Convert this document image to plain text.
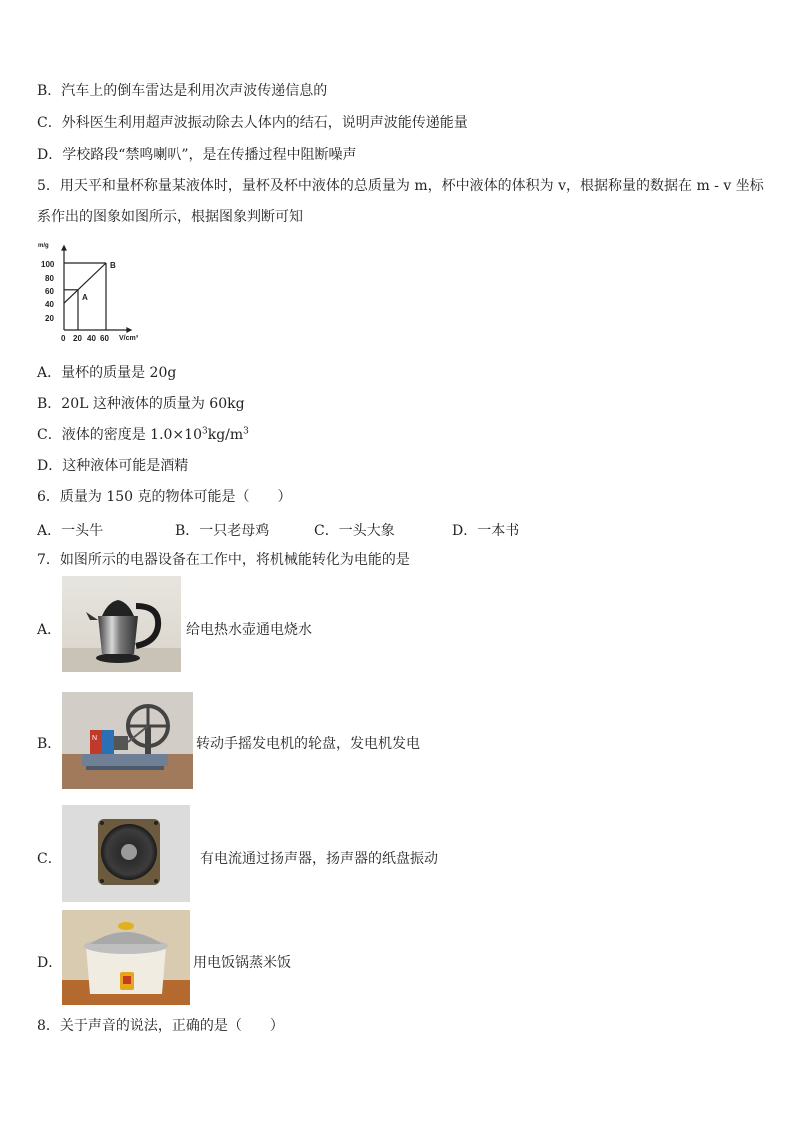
B．汽车上的倒车雷达是利用次声波传递信息的
C．外科医生利用超声波振动除去人体内的结石，说明声波能传递能量
D．学校路段“禁鸣喇叭”，是在传播过程中阻断噪声
5．用天平和量杯称量某液体时，量杯及杯中液体的总质量为 m，杯中液体的体积为 v，根据称量的数据在 m - v 坐标
系作出的图象如图所示，根据图象判断可知
m/g
V/cm³
100
80
60
40
20
0 20 40 60
A
B
A．量杯的质量是 20g
B．20L 这种液体的质量为 60kg
C．液体的密度是 $1.0\times 10^3kg/m^3$
D．这种液体可能是酒精
6．质量为 150 克的物体可能是（　　）
A．一头牛	B．一只老母鸡	C．一头大象	D．一本书
7．如图所示的电器设备在工作中，将机械能转化为电能的是
A．	给电热水壶通电烧水
B．	N	转动手摇发电机的轮盘，发电机发电
C．	有电流通过扬声器，扬声器的纸盘振动
D．	用电饭锅蒸米饭
8．关于声音的说法，正确的是（　　）
